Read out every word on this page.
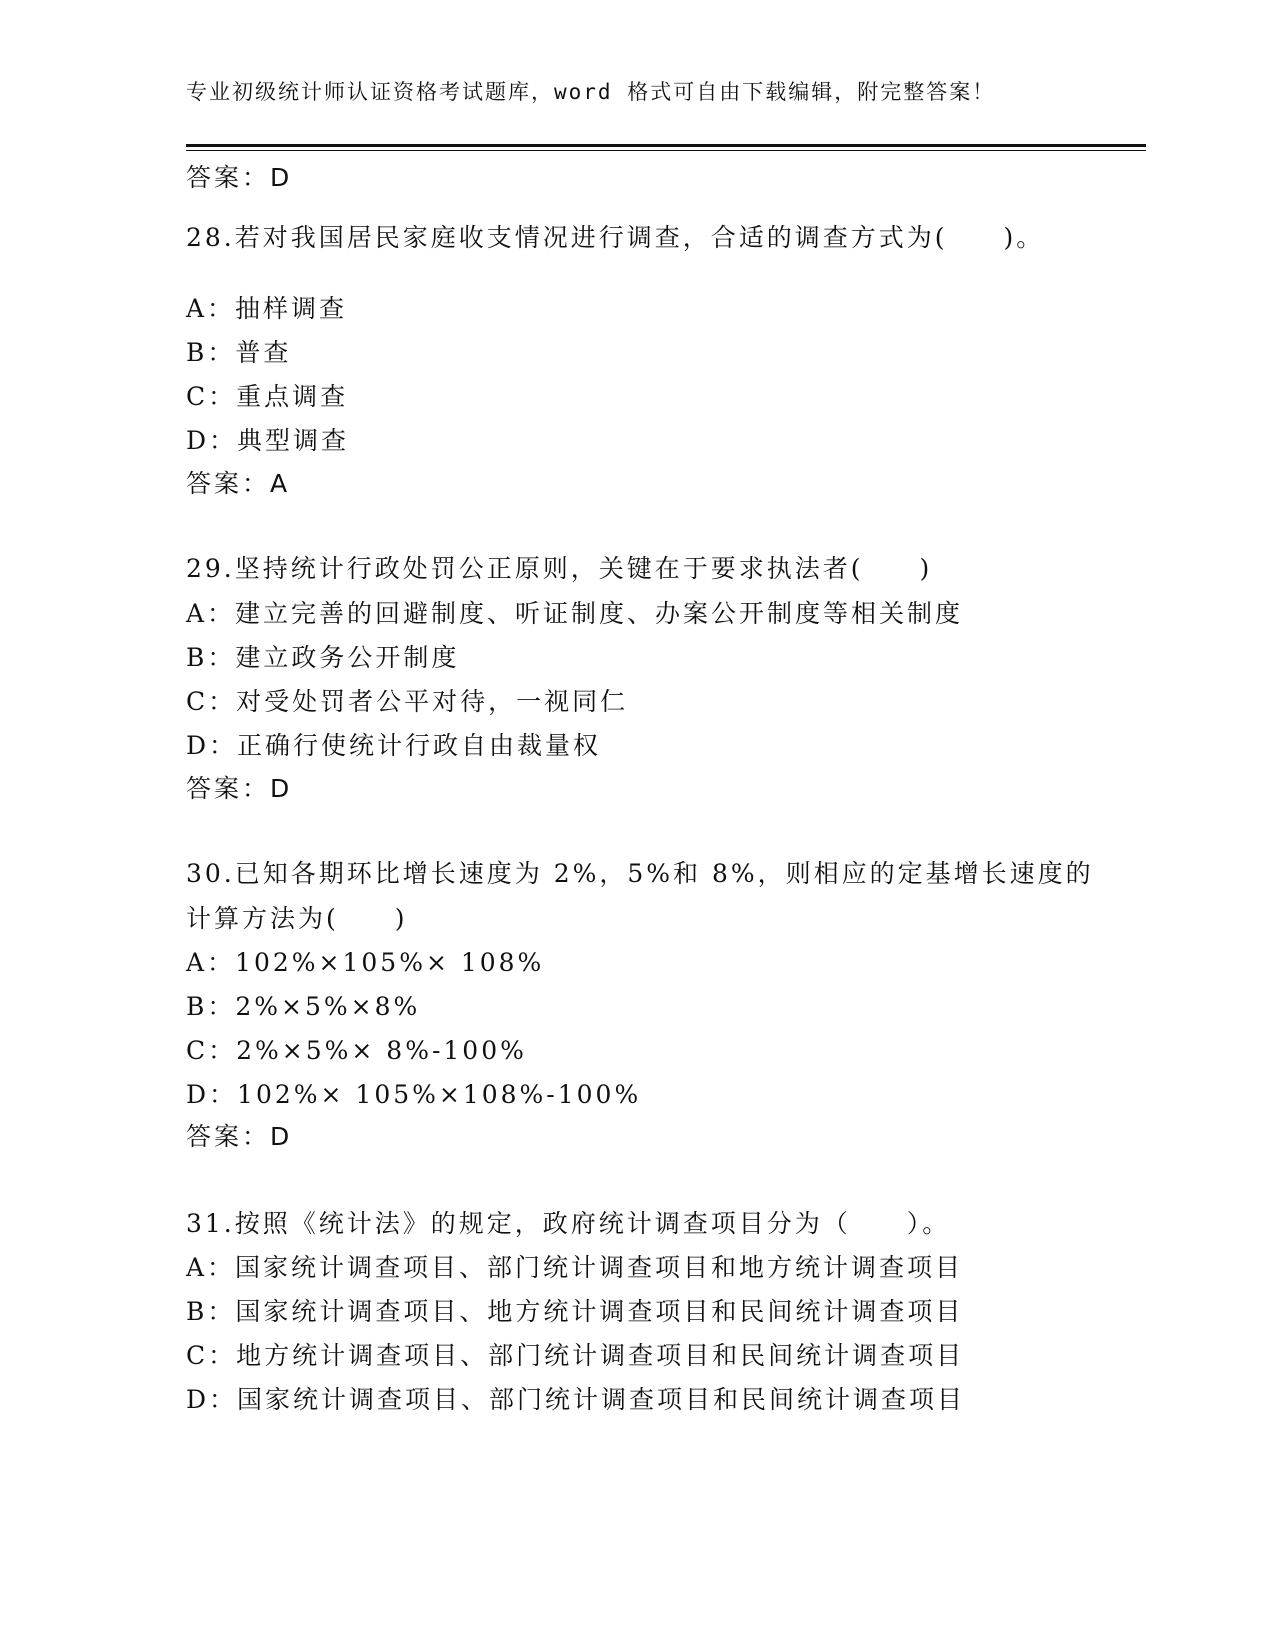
专业初级统计师认证资格考试题库，word 格式可自由下载编辑，附完整答案！
答案：D
28.若对我国居民家庭收支情况进行调查，合适的调查方式为(　　)。
A：抽样调查
B：普查
C：重点调查
D：典型调查
答案：A
29.坚持统计行政处罚公正原则，关键在于要求执法者(　　)
A：建立完善的回避制度、听证制度、办案公开制度等相关制度
B：建立政务公开制度
C：对受处罚者公平对待，一视同仁
D：正确行使统计行政自由裁量权
答案：D
30.已知各期环比增长速度为 2%，5%和 8%，则相应的定基增长速度的
计算方法为(　　)
A：102%×105%× 108%
B：2%×5%×8%
C：2%×5%× 8%-100%
D：102%× 105%×108%-100%
答案：D
31.按照《统计法》的规定，政府统计调查项目分为（　　）。
A：国家统计调查项目、部门统计调查项目和地方统计调查项目
B：国家统计调查项目、地方统计调查项目和民间统计调查项目
C：地方统计调查项目、部门统计调查项目和民间统计调查项目
D：国家统计调查项目、部门统计调查项目和民间统计调查项目
